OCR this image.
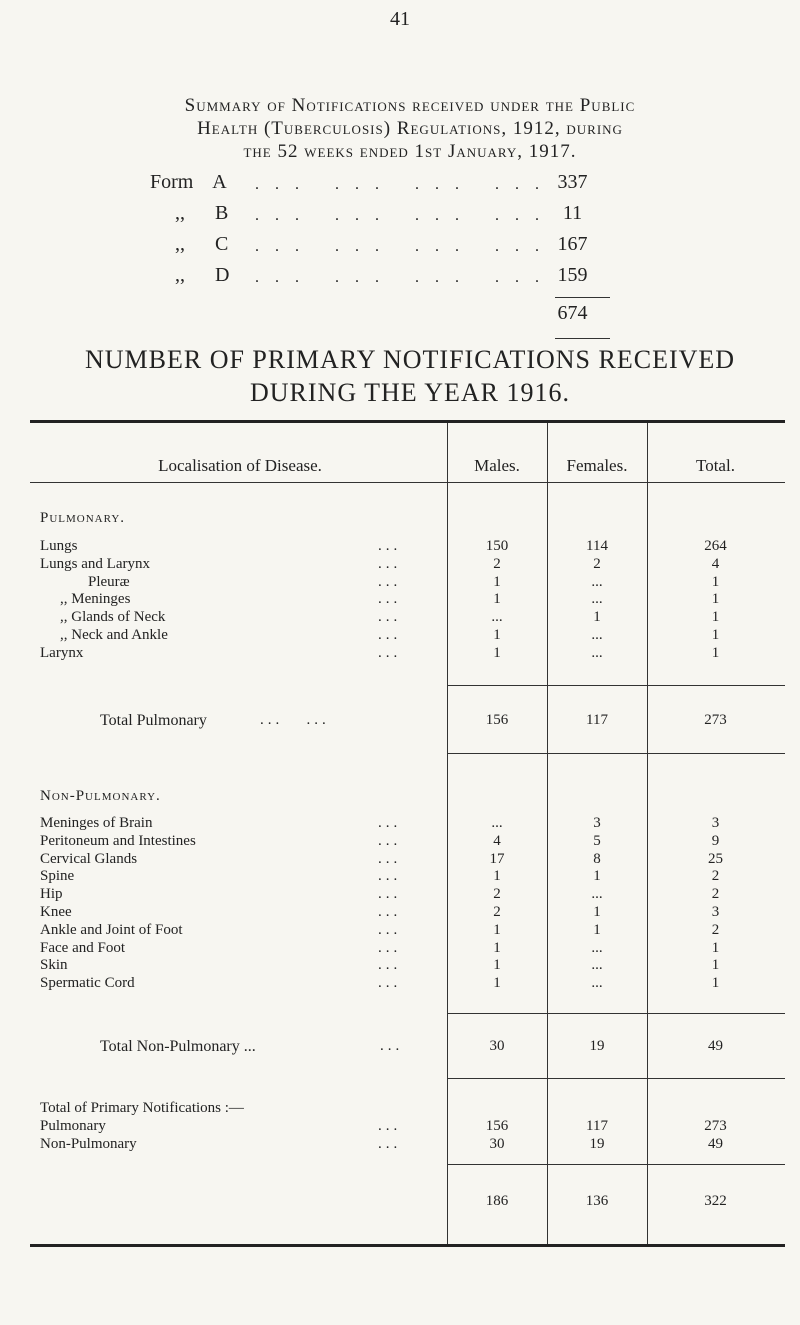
41
Summary of Notifications received under the Public
Health (Tuberculosis) Regulations, 1912, during
the 52 weeks ended 1st January, 1917.
Form A	337
,, B	11
,, C	167
,, D	159
. . .   . . .   . . .   . . .
. . .   . . .   . . .   . . .
. . .   . . .   . . .   . . .
. . .   . . .   . . .   . . .
674
NUMBER OF PRIMARY NOTIFICATIONS RECEIVED
DURING THE YEAR 1916.
Localisation of Disease.	Males.	Females.	Total.
Pulmonary.
Lungs	...	150	114	264
Lungs and Larynx	...	2	2	4
Pleuræ	...	1	...	1
,, Meninges	...	1	...	1
,, Glands of Neck	...	...	1	1
,, Neck and Ankle	...	1	...	1
Larynx	...	1	...	1
Total Pulmonary	...   ...	156	117	273
Non-Pulmonary.
Meninges of Brain	...	...	3	3
Peritoneum and Intestines	...	4	5	9
Cervical Glands	...	17	8	25
Spine	...	1	1	2
Hip	...	2	...	2
Knee	...	2	1	3
Ankle and Joint of Foot	...	1	1	2
Face and Foot	...	1	...	1
Skin	...	1	...	1
Spermatic Cord	...	1	...	1
Total Non-Pulmonary ...	...	30	19	49
Total of Primary Notifications :—
Pulmonary	...	156	117	273
Non-Pulmonary	...	30	19	49
186	136	322
